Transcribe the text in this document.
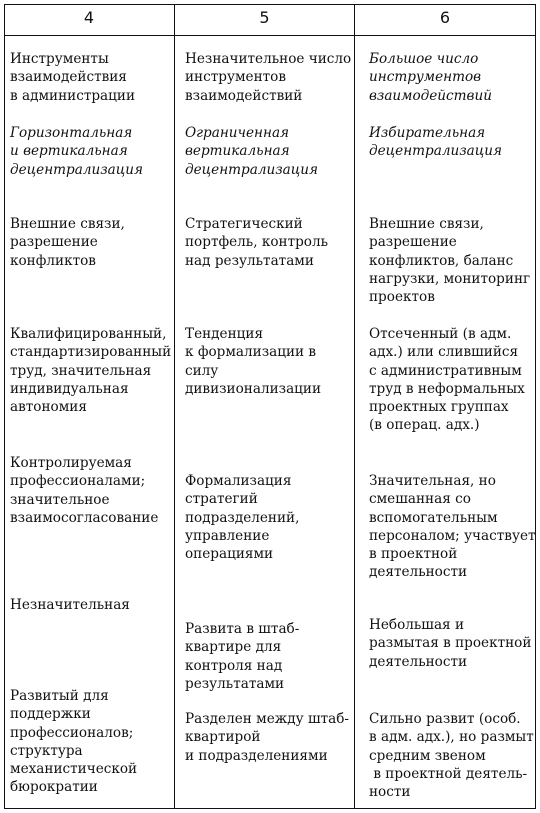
4	5	6
Инструменты
взаимодействия
в администрации
Незначительное число
инструментов
взаимодействий
Большое число
инструментов
взаимодействий
Горизонтальная
и вертикальная
децентрализация
Ограниченная
вертикальная
децентрализация
Избирательная
децентрализация
Внешние связи,
разрешение
конфликтов
Стратегический
портфель, контроль
над результатами
Внешние связи,
разрешение
конфликтов, баланс
нагрузки, мониторинг
проектов
Квалифицированный,
стандартизированный
труд, значительная
индивидуальная
автономия
Тенденция
к формализации в
силу
дивизионализации
Отсеченный (в адм.
адх.) или слившийся
с административным
труд в неформальных
проектных группах
(в операц. адх.)
Контролируемая
профессионалами;
значительное
взаимосогласование
Формализация
стратегий
подразделений,
управление
операциями
Значительная, но
смешанная со
вспомогательным
персоналом; участвует
в проектной
деятельности
Незначительная
Развита в штаб-
квартире для
контроля над
результатами
Небольшая и
размытая в проектной
деятельности
Развитый для
поддержки
профессионалов;
структура
механистической
бюрократии
Разделен между штаб-
квартирой
и подразделениями
Сильно развит (особ.
в адм. адх.), но размыт
средним звеном
в проектной деятель-
ности
